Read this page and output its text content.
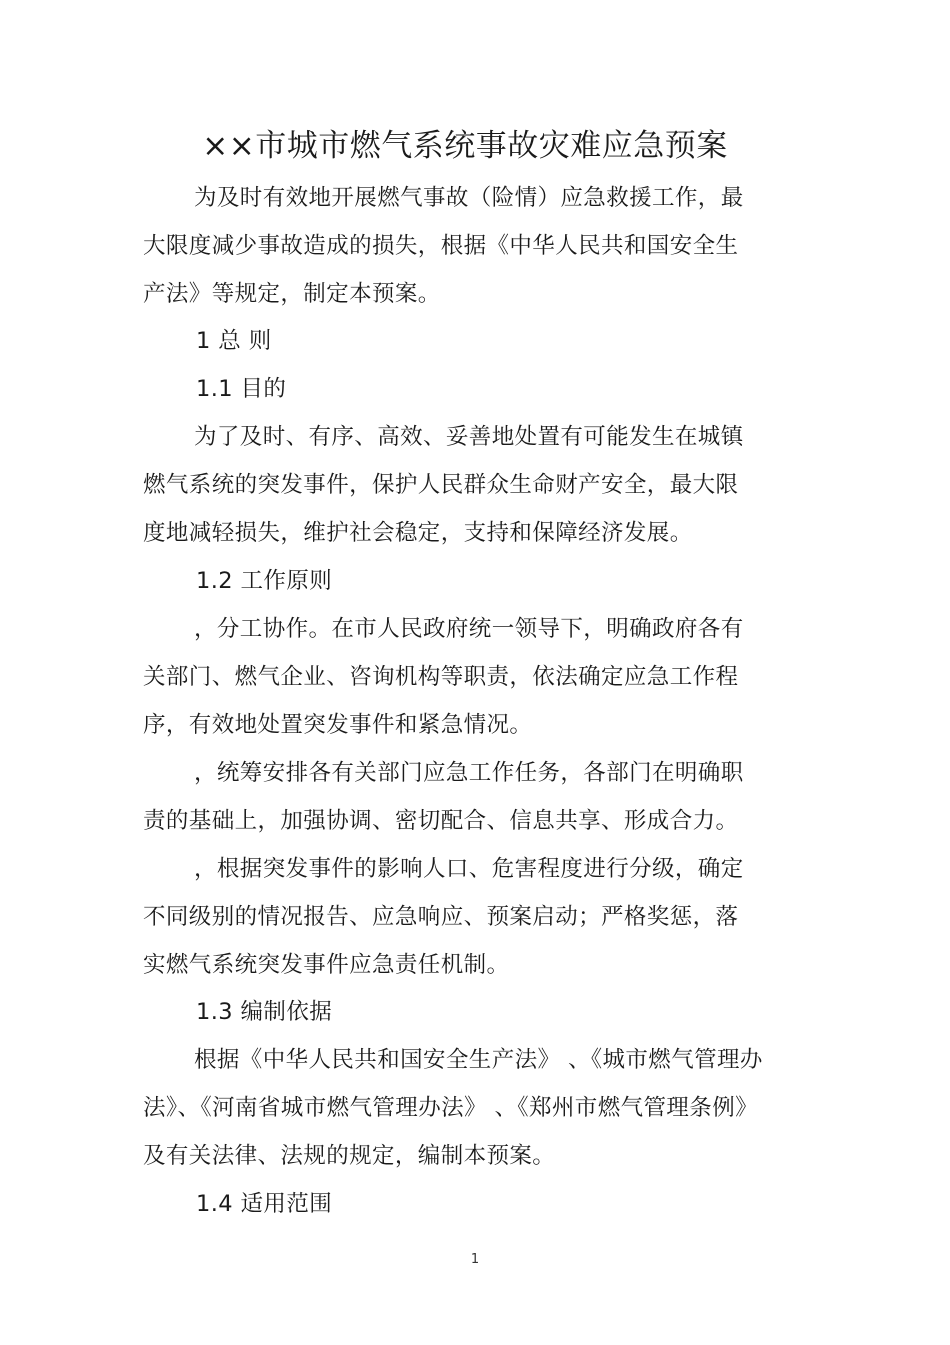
××市城市燃气系统事故灾难应急预案
为及时有效地开展燃气事故（险情）应急救援工作，最
大限度减少事故造成的损失，根据《中华人民共和国安全生
产法》等规定，制定本预案。
1 总 则
1.1 目的
为了及时、有序、高效、妥善地处置有可能发生在城镇
燃气系统的突发事件，保护人民群众生命财产安全，最大限
度地减轻损失，维护社会稳定，支持和保障经济发展。
1.2 工作原则
，分工协作。在市人民政府统一领导下，明确政府各有
关部门、燃气企业、咨询机构等职责，依法确定应急工作程
序，有效地处置突发事件和紧急情况。
，统筹安排各有关部门应急工作任务，各部门在明确职
责的基础上，加强协调、密切配合、信息共享、形成合力。
，根据突发事件的影响人口、危害程度进行分级，确定
不同级别的情况报告、应急响应、预案启动；严格奖惩，落
实燃气系统突发事件应急责任机制。
1.3 编制依据
根据《中华人民共和国安全生产法》 、《城市燃气管理办
法》、《河南省城市燃气管理办法》 、《郑州市燃气管理条例》
及有关法律、法规的规定，编制本预案。
1.4 适用范围
1
